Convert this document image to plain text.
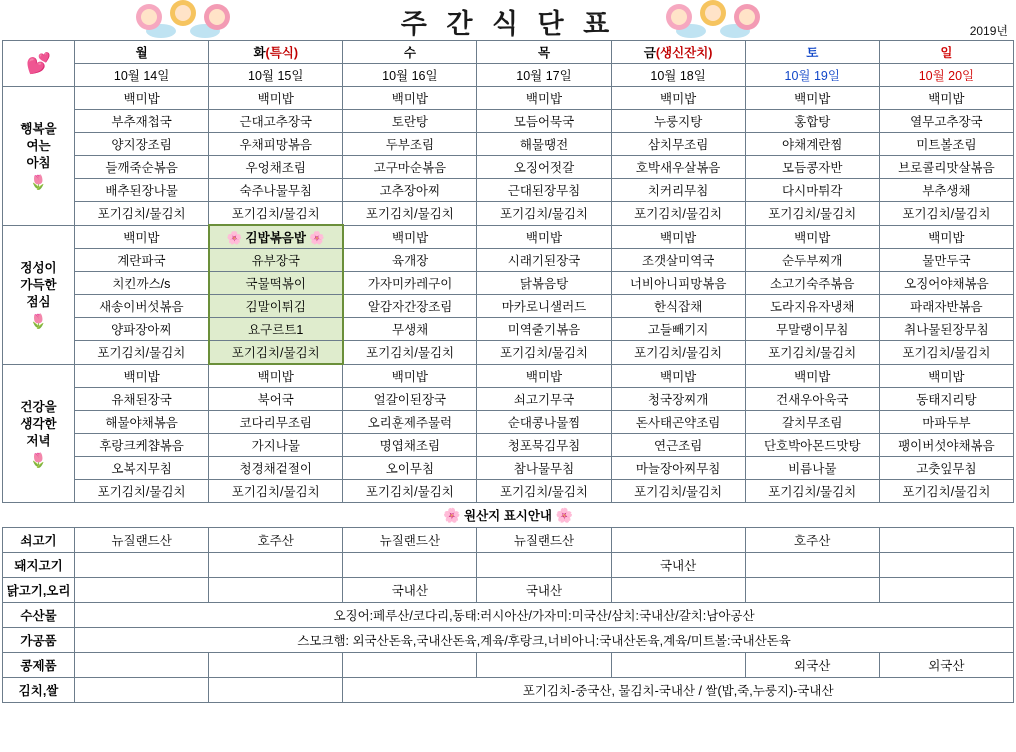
주 간 식 단 표	2019년
💕	월	화(특식)	수	목	금(생신잔치)	토	일
	10월 14일	10월 15일	10월 16일	10월 17일	10월 18일	10월 19일	10월 20일
행복을
여는
아침
🌷	백미밥	백미밥	백미밥	백미밥	백미밥	백미밥	백미밥
	부추재첩국	근대고추장국	토란탕	모듬어묵국	누룽지탕	홍합탕	열무고추장국
	양지장조림	우채피망볶음	두부조림	해물땡전	삼치무조림	야채계란찜	미트볼조림
	들깨죽순볶음	우엉채조림	고구마순볶음	오징어젓갈	호박새우살볶음	모듬콩자반	브로콜리맛살볶음
	배추된장나물	숙주나물무침	고추장아찌	근대된장무침	치커리무침	다시마튀각	부추생채
	포기김치/물김치	포기김치/물김치	포기김치/물김치	포기김치/물김치	포기김치/물김치	포기김치/물김치	포기김치/물김치
정성이
가득한
점심
🌷	백미밥	🌸 김밥볶음밥 🌸	백미밥	백미밥	백미밥	백미밥	백미밥
	계란파국	유부장국	육개장	시래기된장국	조갯살미역국	순두부찌개	물만두국
	치킨까스/s	국물떡볶이	가자미카레구이	닭볶음탕	너비아니피망볶음	소고기숙주볶음	오징어야채볶음
	새송이버섯볶음	김말이튀김	알감자간장조림	마카로니샐러드	한식잡채	도라지유자냉채	파래자반볶음
	양파장아찌	요구르트1	무생채	미역줄기볶음	고들빼기지	무말랭이무침	취나물된장무침
	포기김치/물김치	포기김치/물김치	포기김치/물김치	포기김치/물김치	포기김치/물김치	포기김치/물김치	포기김치/물김치
건강을
생각한
저녁
🌷	백미밥	백미밥	백미밥	백미밥	백미밥	백미밥	백미밥
	유채된장국	북어국	얼갈이된장국	쇠고기무국	청국장찌개	건새우아욱국	동태지리탕
	해물야채볶음	코다리무조림	오리훈제주물럭	순대콩나물찜	돈사태곤약조림	갈치무조림	마파두부
	후랑크케챱볶음	가지나물	명엽채조림	청포묵김무침	연근조림	단호박아몬드맛탕	팽이버섯야채볶음
	오복지무침	청경채겉절이	오이무침	참나물무침	마늘장아찌무침	비름나물	고춧잎무침
	포기김치/물김치	포기김치/물김치	포기김치/물김치	포기김치/물김치	포기김치/물김치	포기김치/물김치	포기김치/물김치
🌸 원산지 표시안내 🌸							
쇠고기	뉴질랜드산	호주산	뉴질랜드산	뉴질랜드산		호주산	
돼지고기					국내산		
닭고기,오리			국내산	국내산			
수산물	오징어:페루산/코다리,동태:러시아산/가자미:미국산/삼치:국내산/갈치:남아공산						
가공품	스모크햄: 외국산돈육,국내산돈육,계육/후랑크,너비아니:국내산돈육,계육/미트볼:국내산돈육						
콩제품						외국산	외국산
김치,쌀			포기김치-중국산, 물김치-국내산 / 쌀(밥,죽,누룽지)-국내산				
